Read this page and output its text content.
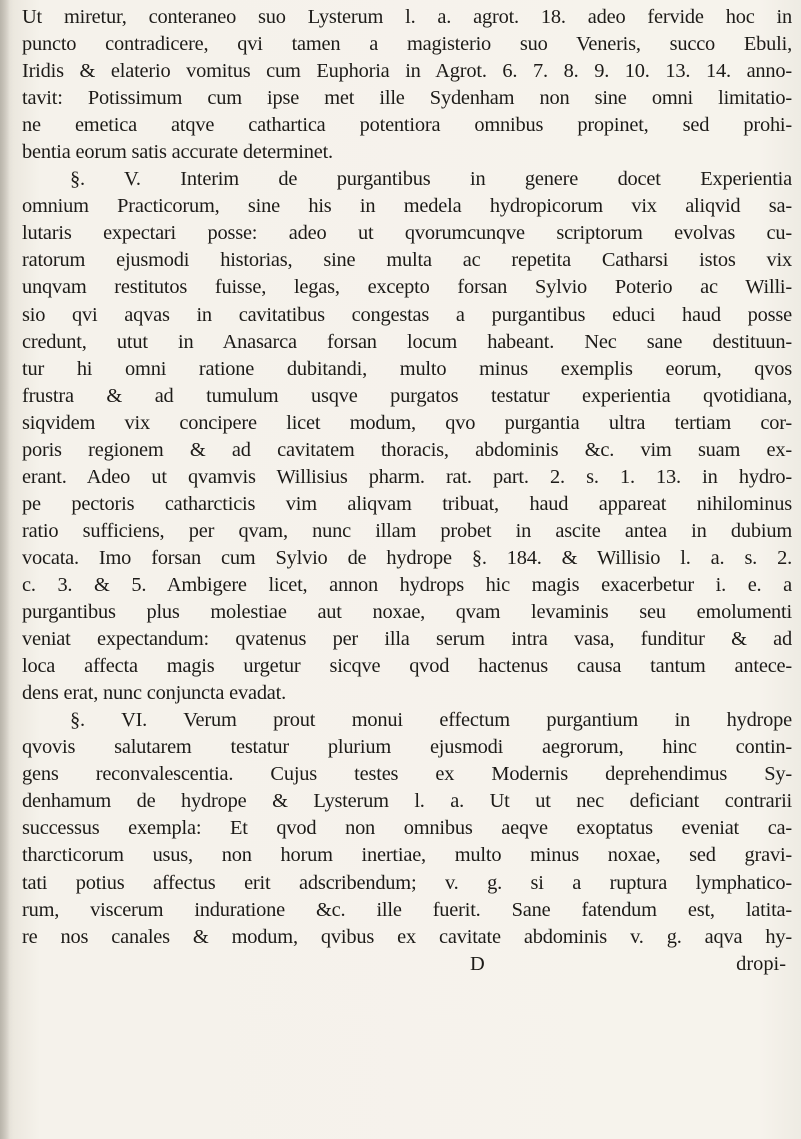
Ut miretur, conteraneo suo Lysterum l. a. agrot. 18. adeo fervide hoc in
puncto contradicere, qvi tamen a magisterio suo Veneris, succo Ebuli,
Iridis & elaterio vomitus cum Euphoria in Agrot. 6. 7. 8. 9. 10. 13. 14. anno-
tavit: Potissimum cum ipse met ille Sydenham non sine omni limitatio-
ne emetica atqve cathartica potentiora omnibus propinet, sed prohi-
bentia eorum satis accurate determinet.
§. V. Interim de purgantibus in genere docet Experientia
omnium Practicorum, sine his in medela hydropicorum vix aliqvid sa-
lutaris expectari posse: adeo ut qvorumcunqve scriptorum evolvas cu-
ratorum ejusmodi historias, sine multa ac repetita Catharsi istos vix
unqvam restitutos fuisse, legas, excepto forsan Sylvio Poterio ac Willi-
sio qvi aqvas in cavitatibus congestas a purgantibus educi haud posse
credunt, utut in Anasarca forsan locum habeant. Nec sane destituun-
tur hi omni ratione dubitandi, multo minus exemplis eorum, qvos
frustra & ad tumulum usqve purgatos testatur experientia qvotidiana,
siqvidem vix concipere licet modum, qvo purgantia ultra tertiam cor-
poris regionem & ad cavitatem thoracis, abdominis &c. vim suam ex-
erant. Adeo ut qvamvis Willisius pharm. rat. part. 2. s. 1. 13. in hydro-
pe pectoris catharcticis vim aliqvam tribuat, haud appareat nihilominus
ratio sufficiens, per qvam, nunc illam probet in ascite antea in dubium
vocata. Imo forsan cum Sylvio de hydrope §. 184. & Willisio l. a. s. 2.
c. 3. & 5. Ambigere licet, annon hydrops hic magis exacerbetur i. e. a
purgantibus plus molestiae aut noxae, qvam levaminis seu emolumenti
veniat expectandum: qvatenus per illa serum intra vasa, funditur & ad
loca affecta magis urgetur sicqve qvod hactenus causa tantum antece-
dens erat, nunc conjuncta evadat.
§. VI. Verum prout monui effectum purgantium in hydrope
qvovis salutarem testatur plurium ejusmodi aegrorum, hinc contin-
gens reconvalescentia. Cujus testes ex Modernis deprehendimus Sy-
denhamum de hydrope & Lysterum l. a. Ut ut nec deficiant contrarii
successus exempla: Et qvod non omnibus aeqve exoptatus eveniat ca-
tharcticorum usus, non horum inertiae, multo minus noxae, sed gravi-
tati potius affectus erit adscribendum; v. g. si a ruptura lymphatico-
rum, viscerum induratione &c. ille fuerit. Sane fatendum est, latita-
re nos canales & modum, qvibus ex cavitate abdominis v. g. aqva hy-
D	dropi-
